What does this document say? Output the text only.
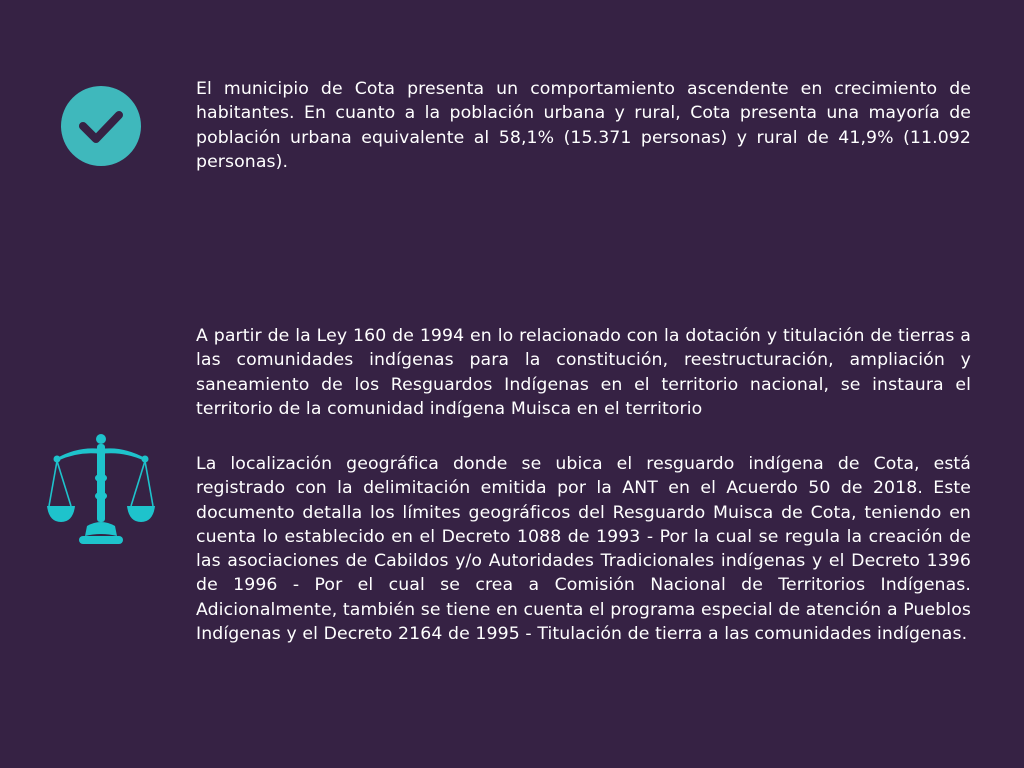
El municipio de Cota presenta un comportamiento ascendente en crecimiento de habitantes. En cuanto a la población urbana y rural, Cota presenta una mayoría de población urbana equivalente al 58,1% (15.371 personas) y rural de 41,9% (11.092 personas).

A partir de la Ley 160 de 1994 en lo relacionado con la dotación y titulación de tierras a las comunidades indígenas para la constitución, reestructuración, ampliación y saneamiento de los Resguardos Indígenas en el territorio nacional, se instaura el territorio de la comunidad indígena Muisca en el territorio

La localización geográfica donde se ubica el resguardo indígena de Cota, está registrado con la delimitación emitida por la ANT en el Acuerdo 50 de 2018. Este documento detalla los límites geográficos del Resguardo Muisca de Cota, teniendo en cuenta lo establecido en el Decreto 1088 de 1993 - Por la cual se regula la creación de las asociaciones de Cabildos y/o Autoridades Tradicionales indígenas y el Decreto 1396 de 1996 - Por el cual se crea a Comisión Nacional de Territorios Indígenas. Adicionalmente, también se tiene en cuenta el programa especial de atención a Pueblos Indígenas y el Decreto 2164 de 1995 - Titulación de tierra a las comunidades indígenas.
